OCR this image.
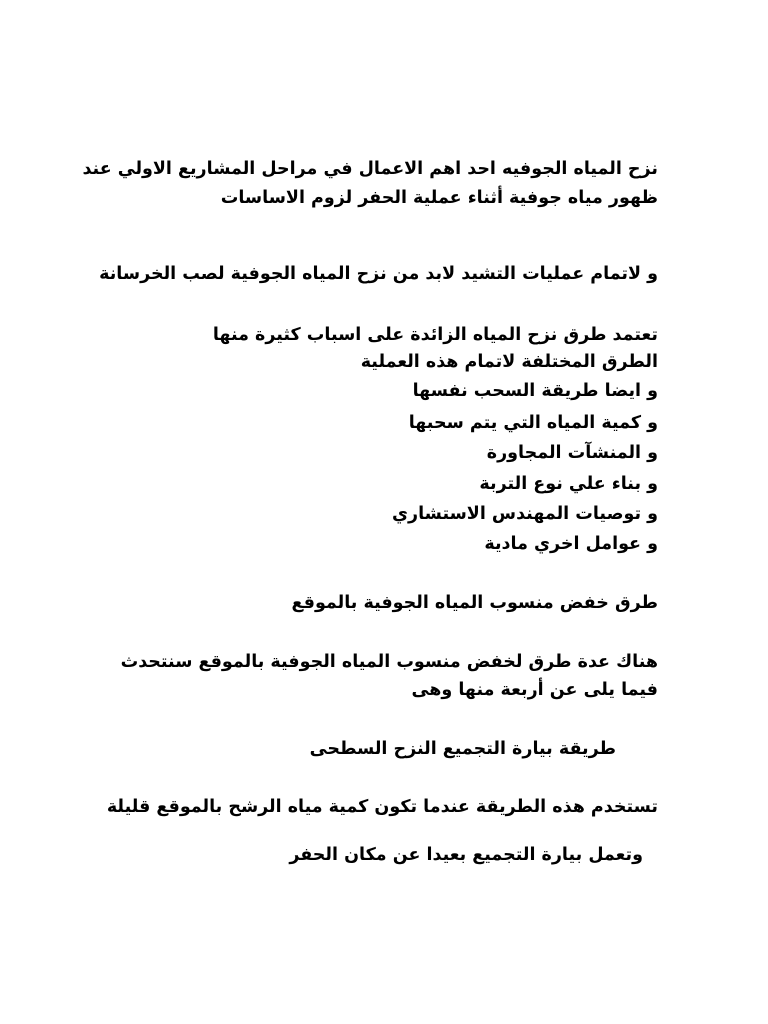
نزح المياه الجوفيه احد اهم الاعمال في مراحل المشاريع الاولي عند
ظهور مياه جوفية أثناء عملية الحفر لزوم الاساسات
و لاتمام عمليات التشيد لابد من نزح المياه الجوفية لصب الخرسانة
تعتمد طرق نزح المياه الزائدة على اسباب كثيرة منها
الطرق المختلفة لاتمام هذه العملية
و ايضا طريقة السحب نفسها
و كمية المياه التي يتم سحبها
و المنشآت المجاورة
و بناء علي نوع التربة
و توصيات المهندس الاستشاري
و عوامل اخري مادية
طرق خفض منسوب المياه الجوفية بالموقع
هناك عدة طرق لخفض منسوب المياه الجوفية بالموقع سنتحدث
فيما يلى عن أربعة منها وهى
طريقة بيارة التجميع النزح السطحى
تستخدم هذه الطريقة عندما تكون كمية مياه الرشح بالموقع قليلة
وتعمل بيارة التجميع بعيدا عن مكان الحفر
